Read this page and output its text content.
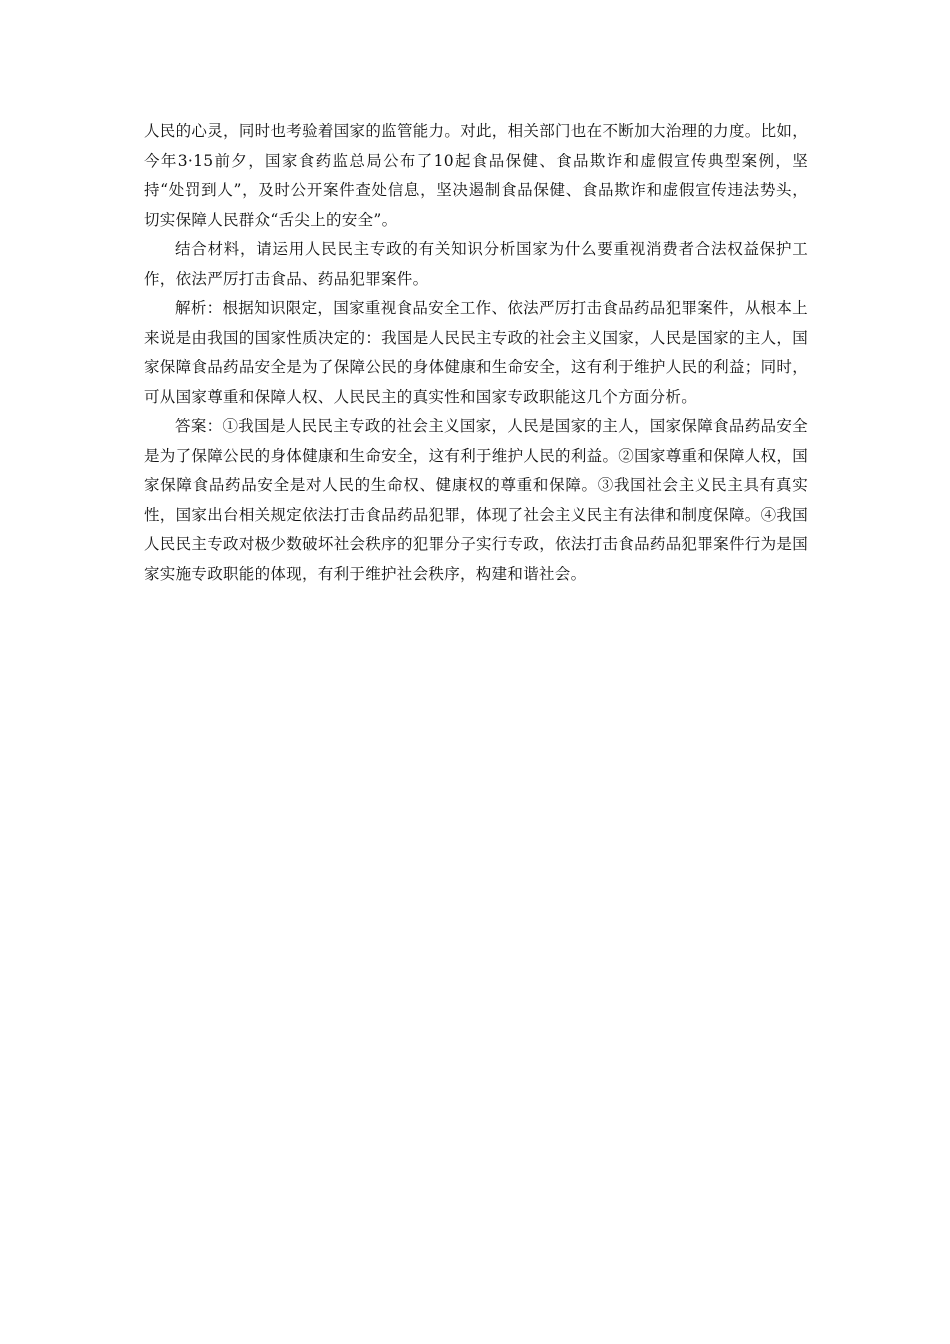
人民的心灵，同时也考验着国家的监管能力。对此，相关部门也在不断加大治理的力度。比如，今年3·15前夕，国家食药监总局公布了10起食品保健、食品欺诈和虚假宣传典型案例，坚持“处罚到人”，及时公开案件查处信息，坚决遏制食品保健、食品欺诈和虚假宣传违法势头，切实保障人民群众“舌尖上的安全”。

结合材料，请运用人民民主专政的有关知识分析国家为什么要重视消费者合法权益保护工作，依法严厉打击食品、药品犯罪案件。

解析：根据知识限定，国家重视食品安全工作、依法严厉打击食品药品犯罪案件，从根本上来说是由我国的国家性质决定的：我国是人民民主专政的社会主义国家，人民是国家的主人，国家保障食品药品安全是为了保障公民的身体健康和生命安全，这有利于维护人民的利益；同时，可从国家尊重和保障人权、人民民主的真实性和国家专政职能这几个方面分析。

答案：①我国是人民民主专政的社会主义国家，人民是国家的主人，国家保障食品药品安全是为了保障公民的身体健康和生命安全，这有利于维护人民的利益。②国家尊重和保障人权，国家保障食品药品安全是对人民的生命权、健康权的尊重和保障。③我国社会主义民主具有真实性，国家出台相关规定依法打击食品药品犯罪，体现了社会主义民主有法律和制度保障。④我国人民民主专政对极少数破坏社会秩序的犯罪分子实行专政，依法打击食品药品犯罪案件行为是国家实施专政职能的体现，有利于维护社会秩序，构建和谐社会。
